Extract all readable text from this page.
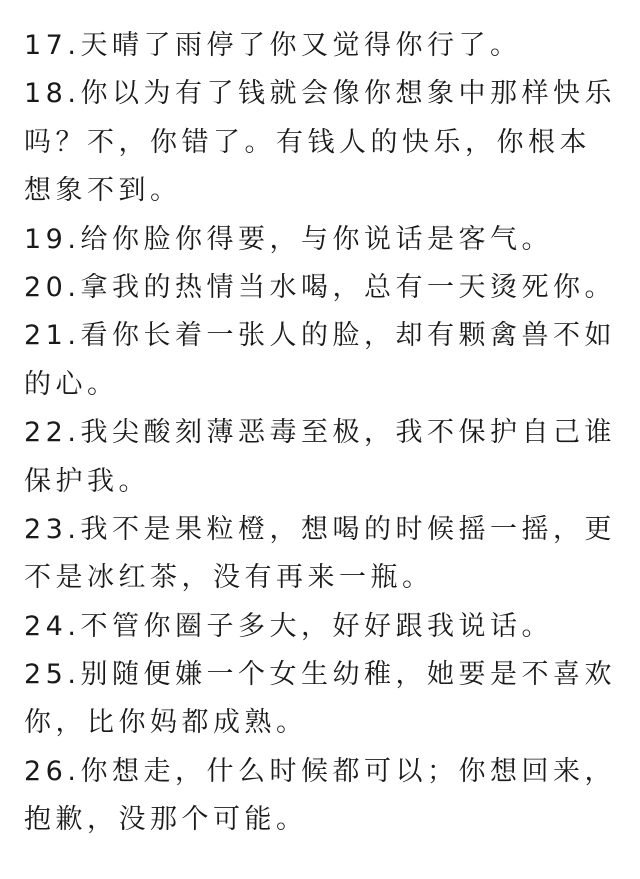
17.天晴了雨停了你又觉得你行了。
18.你以为有了钱就会像你想象中那样快乐
吗？不，你错了。有钱人的快乐，你根本
想象不到。
19.给你脸你得要，与你说话是客气。
20.拿我的热情当水喝，总有一天烫死你。
21.看你长着一张人的脸，却有颗禽兽不如
的心。
22.我尖酸刻薄恶毒至极，我不保护自己谁
保护我。
23.我不是果粒橙，想喝的时候摇一摇，更
不是冰红茶，没有再来一瓶。
24.不管你圈子多大，好好跟我说话。
25.别随便嫌一个女生幼稚，她要是不喜欢
你，比你妈都成熟。
26.你想走，什么时候都可以；你想回来，
抱歉，没那个可能。
